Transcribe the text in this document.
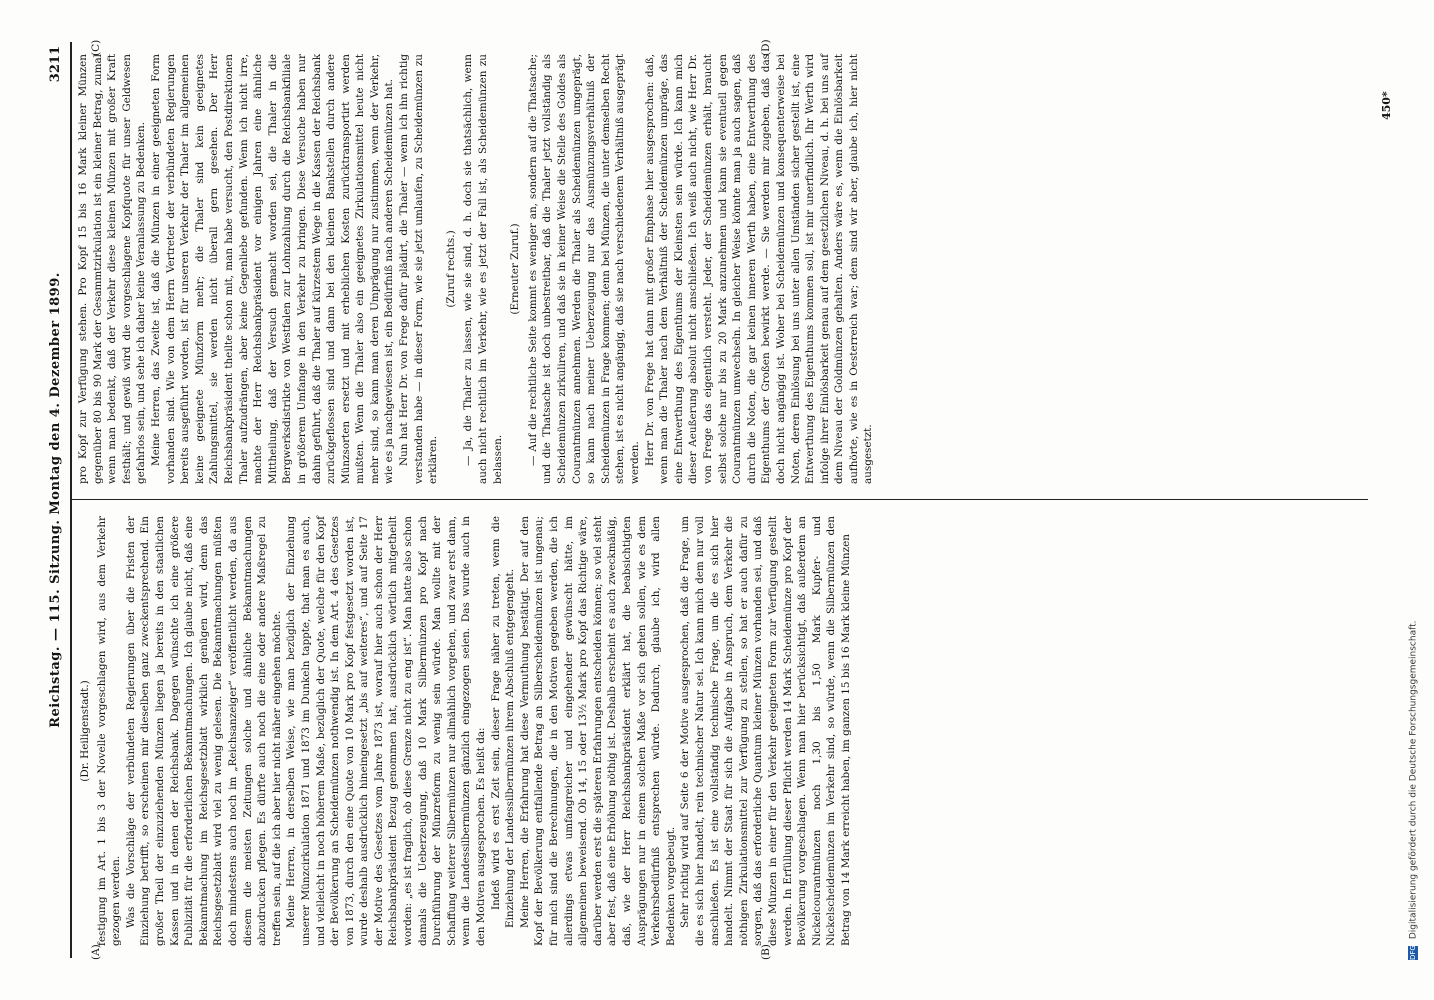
Reichstag. — 115. Sitzung. Montag den 4. Dezember 1899.
3211
(A)	(B)
(C)	(D)

(Dr. Heiligenstadt.) festigung im Art. 1 bis 3 der Novelle vorgeschlagen wird, aus dem Verkehr gezogen werden. Was die Vorschläge der verbündeten Regierungen über die Fristen der Einziehung betrifft, so erscheinen mir dieselben ganz zweckentsprechend. Ein großer Theil der einzuziehenden Münzen liegen ja bereits in den staatlichen Kassen und in denen der Reichsbank. Dagegen wünschte ich eine größere Publizität für die erforderlichen Bekanntmachungen. Ich glaube nicht, daß eine Bekanntmachung im Reichsgesetzblatt wirklich genügen wird, denn das Reichsgesetzblatt wird viel zu wenig gelesen. Die Bekanntmachungen müßten doch mindestens auch noch im „Reichsanzeiger“ veröffentlicht werden, da aus diesem die meisten Zeitungen solche und ähnliche Bekanntmachungen abzudrucken pflegen. Es dürfte auch noch die eine oder andere Maßregel zu treffen sein, auf die ich aber hier nicht näher eingehen möchte. Meine Herren, in derselben Weise, wie man bezüglich der Einziehung unserer Münzcirkulation 1871 und 1873 im Dunkeln tappte, that man es auch, und vielleicht in noch höherem Maße, bezüglich der Quote, welche für den Kopf der Bevölkerung an Scheidemünzen nothwendig ist. In dem Art. 4 des Gesetzes von 1873, durch den eine Quote von 10 Mark pro Kopf festgesetzt worden ist, wurde deshalb ausdrücklich hineingesetzt „bis auf weiteres“, und auf Seite 17 der Motive des Gesetzes vom Jahre 1873 ist, worauf hier auch schon der Herr Reichsbankpräsident Bezug genommen hat, ausdrücklich wörtlich mitgetheilt worden: „es ist fraglich, ob diese Grenze nicht zu eng ist“. Man hatte also schon damals die Ueberzeugung, daß 10 Mark Silbermünzen pro Kopf nach Durchführung der Münzreform zu wenig sein würde. Man wollte mit der Schaffung weiterer Silbermünzen nur allmählich vorgehen, und zwar erst dann, wenn die Landessilbermünzen gänzlich eingezogen seien. Das wurde auch in den Motiven ausgesprochen. Es heißt da: Indeß wird es erst Zeit sein, dieser Frage näher zu treten, wenn die Einziehung der Landessilbermünzen ihrem Abschluß entgegengeht. Meine Herren, die Erfahrung hat diese Vermuthung bestätigt. Der auf den Kopf der Bevölkerung entfallende Betrag an Silberscheidemünzen ist ungenau; für mich sind die Berechnungen, die in den Motiven gegeben werden, die ich allerdings etwas umfangreicher und eingehender gewünscht hätte, im allgemeinen beweisend. Ob 14, 15 oder 13½ Mark pro Kopf das Richtige wäre, darüber werden erst die späteren Erfahrungen entscheiden können; so viel steht aber fest, daß eine Erhöhung nöthig ist. Deshalb erscheint es auch zweckmäßig, daß, wie der Herr Reichsbankpräsident erklärt hat, die beabsichtigten Ausprägungen nur in einem solchen Maße vor sich gehen sollen, wie es dem Verkehrsbedürfniß entsprechen würde. Dadurch, glaube ich, wird allen Bedenken vorgebeugt. Sehr richtig wird auf Seite 6 der Motive ausgesprochen, daß die Frage, um die es sich hier handelt, rein technischer Natur sei. Ich kann mich dem nur voll anschließen. Es ist eine vollständig technische Frage, um die es sich hier handelt. Nimmt der Staat für sich die Aufgabe in Anspruch, dem Verkehr die nöthigen Zirkulationsmittel zur Verfügung zu stellen, so hat er auch dafür zu sorgen, daß das erforderliche Quantum kleiner Münzen vorhanden sei, und daß diese Münzen in einer für den Verkehr geeigneten Form zur Verfügung gestellt werden. In Erfüllung dieser Pflicht werden 14 Mark Scheidemünze pro Kopf der Bevölkerung vorgeschlagen. Wenn man hier berücksichtigt, daß außerdem an Nickelcourantmünzen noch 1,30 bis 1,50 Mark Kupfer- und Nickelscheidemünzen im Verkehr sind, so würde, wenn die Silbermünzen den Betrag von 14 Mark erreicht haben, im ganzen 15 bis 16 Mark kleine Münzen

pro Kopf zur Verfügung stehen. Pro Kopf 15 bis 16 Mark kleiner Münzen gegenüber 80 bis 90 Mark der Gesammtzirkulation ist ein kleiner Betrag, zumal wenn man bedenkt, daß der Verkehr diese kleinen Münzen mit großer Kraft festhält; und gewiß wird die vorgeschlagene Kopfquote für unser Geldwesen gefahrlos sein, und sehe ich daher keine Veranlassung zu Bedenken. Meine Herren, das Zweite ist, daß die Münzen in einer geeigneten Form vorhanden sind. Wie von dem Herrn Vertreter der verbündeten Regierungen bereits ausgeführt worden, ist für unseren Verkehr der Thaler im allgemeinen keine geeignete Münzform mehr; die Thaler sind kein geeignetes Zahlungsmittel, sie werden nicht überall gern gesehen. Der Herr Reichsbankpräsident theilte schon mit, man habe versucht, den Postdirektionen Thaler aufzudrängen, aber keine Gegenliebe gefunden. Wenn ich nicht irre, machte der Herr Reichsbankpräsident vor einigen Jahren eine ähnliche Mittheilung, daß der Versuch gemacht worden sei, die Thaler in die Bergwerksdistrikte von Westfalen zur Lohnzahlung durch die Reichsbankfiliale in größerem Umfange in den Verkehr zu bringen. Diese Versuche haben nur dahin geführt, daß die Thaler auf kürzestem Wege in die Kassen der Reichsbank zurückgeflossen sind und dann bei den kleinen Bankstellen durch andere Münzsorten ersetzt und mit erheblichen Kosten zurücktransportirt werden mußten. Wenn die Thaler also ein geeignetes Zirkulationsmittel heute nicht mehr sind, so kann man deren Umprägung nur zustimmen, wenn der Verkehr, wie es ja nachgewiesen ist, ein Bedürfniß nach anderen Scheidemünzen hat. Nun hat Herr Dr. von Frege dafür plädirt, die Thaler — wenn ich ihn richtig verstanden habe — in dieser Form, wie sie jetzt umlaufen, zu Scheidemünzen zu erklären.

(Zuruf rechts.) — Ja, die Thaler zu lassen, wie sie sind, d. h. doch sie thatsächlich, wenn auch nicht rechtlich im Verkehr, wie es jetzt der Fall ist, als Scheidemünzen zu belassen.

(Erneuter Zuruf.) — Auf die rechtliche Seite kommt es weniger an, sondern auf die Thatsache; und die Thatsache ist doch unbestreitbar, daß die Thaler jetzt vollständig als Scheidemünzen zirkuliren, und daß sie in keiner Weise die Stelle des Goldes als Courantmünzen annehmen. Werden die Thaler als Scheidemünzen umgeprägt, so kann nach meiner Ueberzeugung nur das Ausmünzungsverhältniß der Scheidemünzen in Frage kommen; denn bei Münzen, die unter demselben Recht stehen, ist es nicht angängig, daß sie nach verschiedenem Verhältniß ausgeprägt werden. Herr Dr. von Frege hat dann mit großer Emphase hier ausgesprochen: daß, wenn man die Thaler nach dem Verhältniß der Scheidemünzen umpräge, das eine Entwerthung des Eigenthums der Kleinsten sein würde. Ich kann mich dieser Aeußerung absolut nicht anschließen. Ich weiß auch nicht, wie Herr Dr. von Frege das eigentlich versteht. Jeder, der Scheidemünzen erhält, braucht selbst solche nur bis zu 20 Mark anzunehmen und kann sie eventuell gegen Courantmünzen umwechseln. In gleicher Weise könnte man ja auch sagen, daß durch die Noten, die gar keinen inneren Werth haben, eine Entwerthung des Eigenthums der Großen bewirkt werde. — Sie werden mir zugeben, daß das doch nicht angängig ist. Woher bei Scheidemünzen und konsequenterweise bei Noten, deren Einlösung bei uns unter allen Umständen sicher gestellt ist, eine Entwerthung des Eigenthums kommen soll, ist mir unerfindlich. Ihr Werth wird infolge ihrer Einlösbarkeit genau auf dem gesetzlichen Niveau, d. h. bei uns auf dem Niveau der Goldmünzen gehalten. Anders wäre es, wenn die Einlösbarkeit aufhörte, wie es in Oesterreich war; dem sind wir aber, glaube ich, hier nicht ausgesetzt.

450*
DFG Digitalisierung gefördert durch die Deutsche Forschungsgemeinschaft.
